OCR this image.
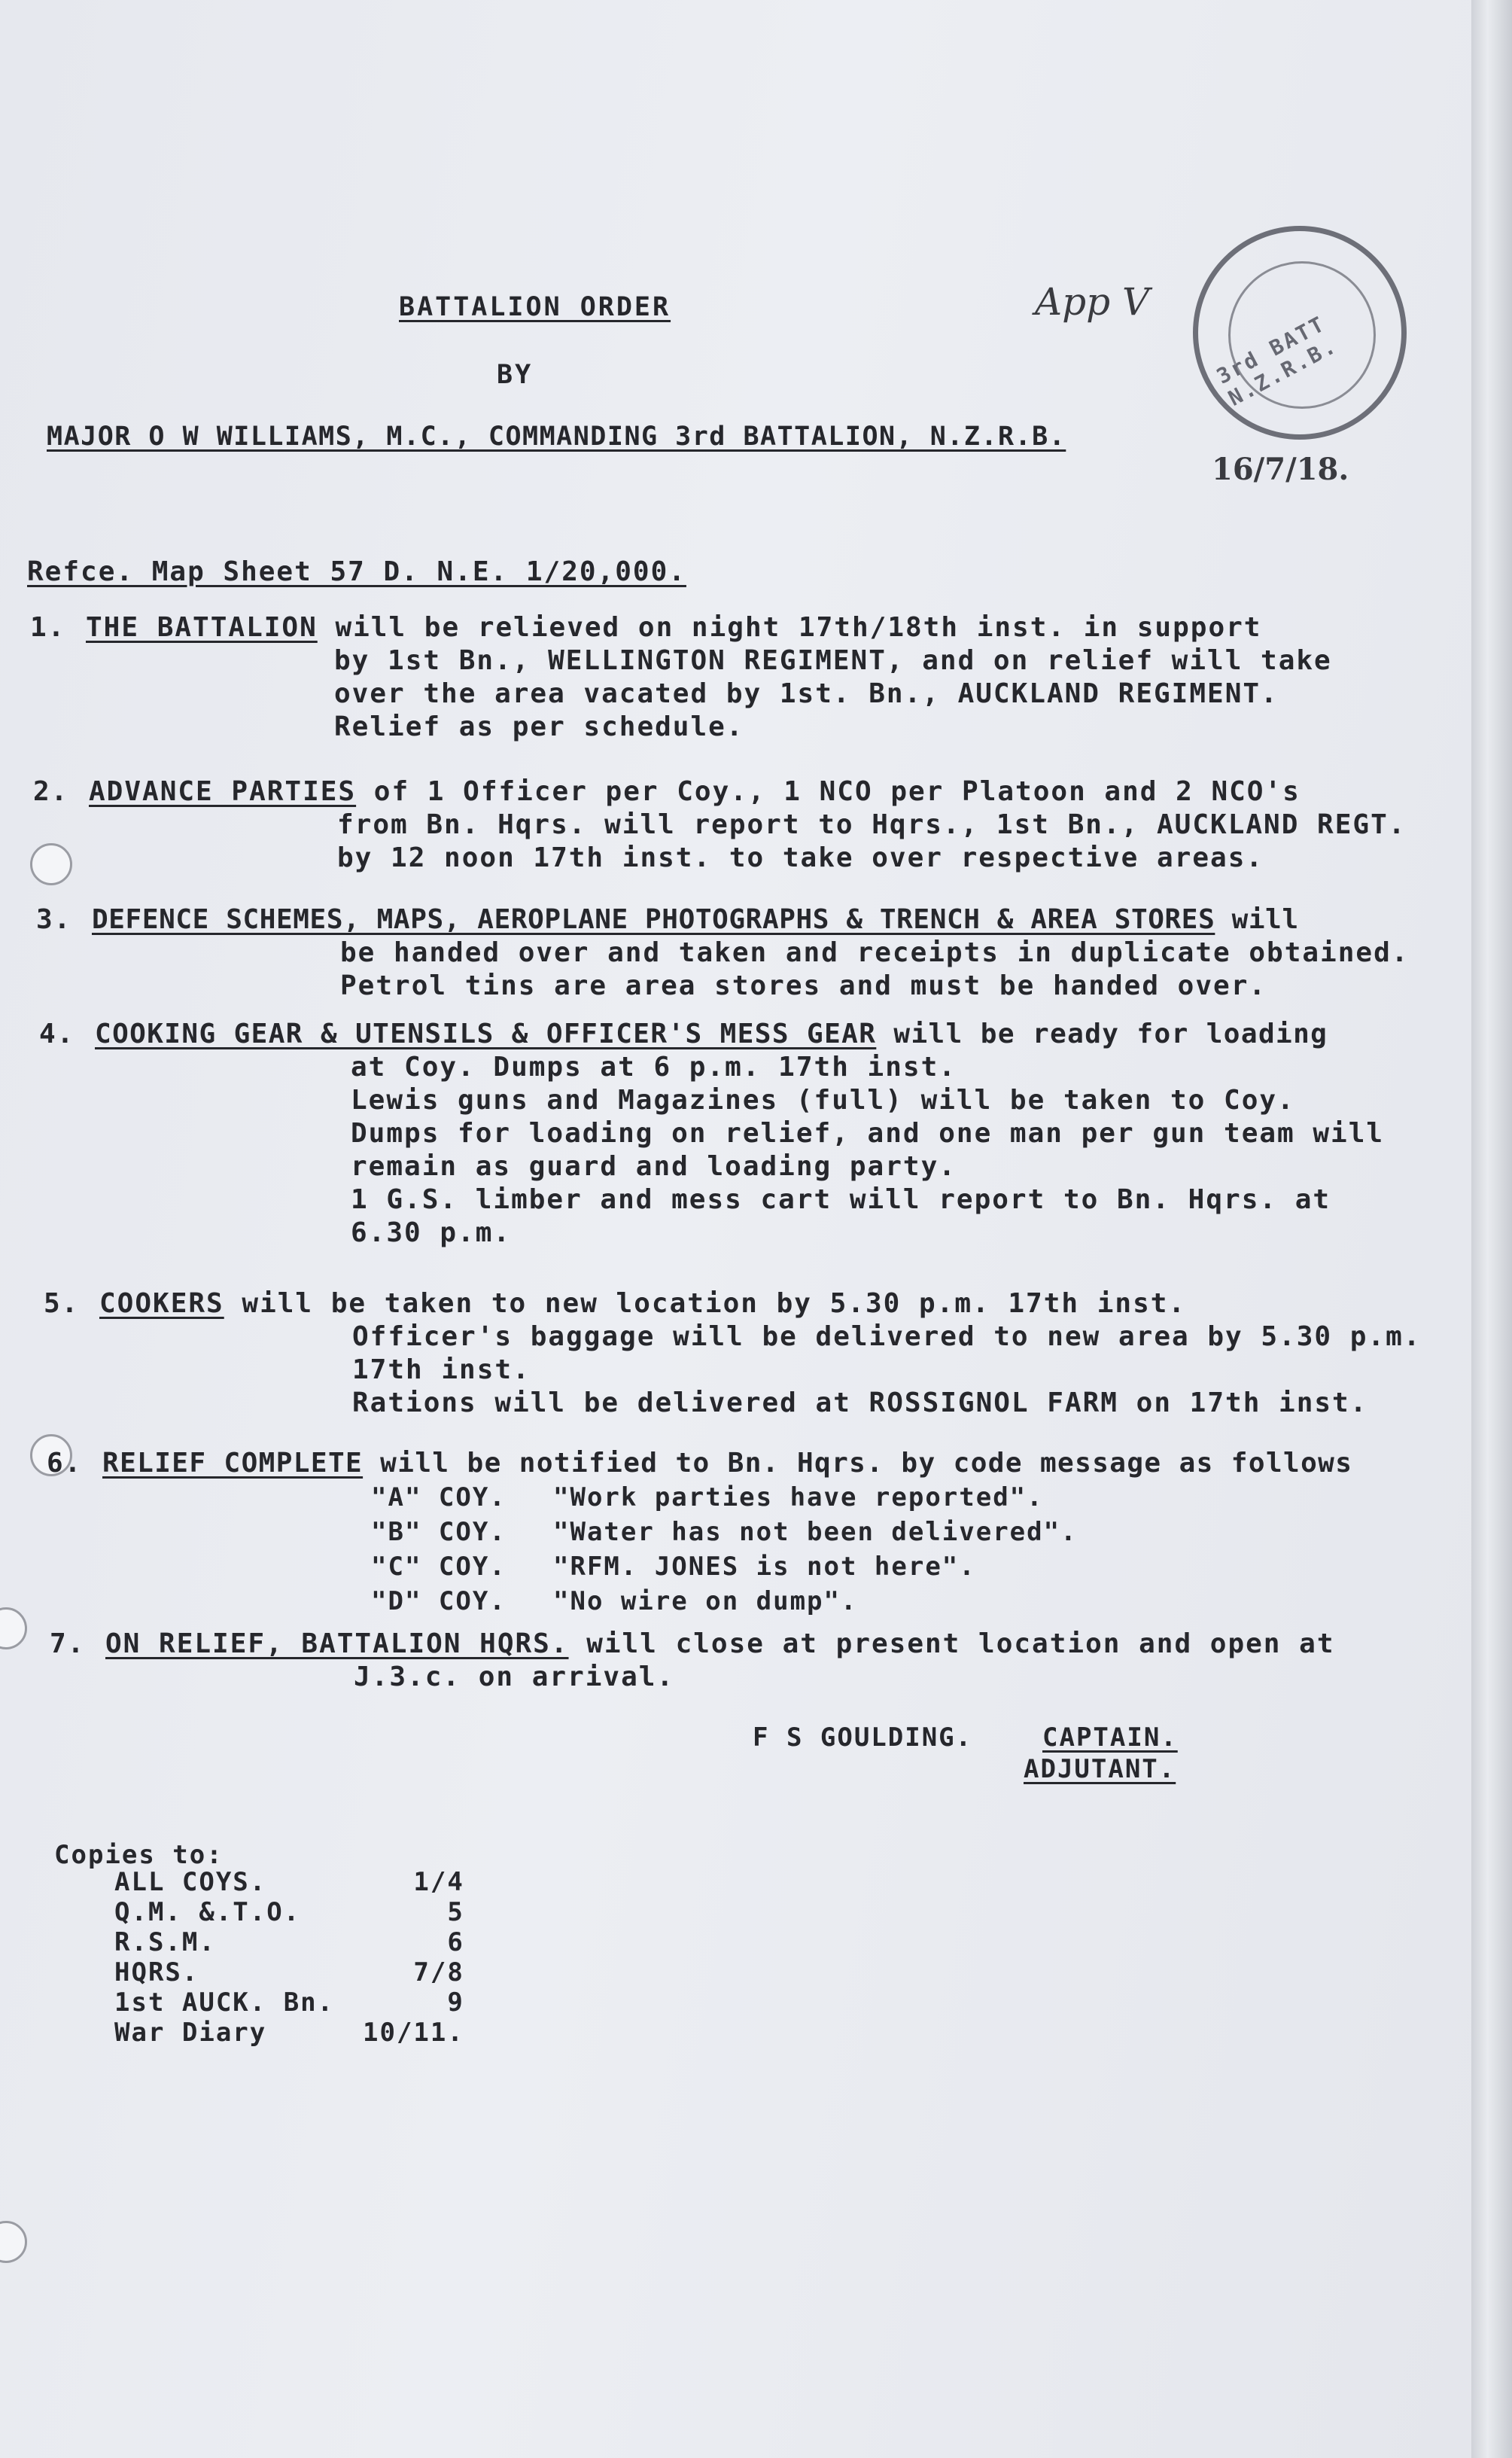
BATTALION ORDER
BY
MAJOR O W WILLIAMS, M.C., COMMANDING 3rd BATTALION, N.Z.R.B.
App V
16/7/18.
3rd BATT N.Z.R.B.
Refce. Map Sheet 57 D. N.E. 1/20,000.
1. THE BATTALION will be relieved on night 17th/18th inst. in support
by 1st Bn., WELLINGTON REGIMENT, and on relief will take
over the area vacated by 1st. Bn., AUCKLAND REGIMENT.
Relief as per schedule.
2. ADVANCE PARTIES of 1 Officer per Coy., 1 NCO per Platoon and 2 NCO's
from Bn. Hqrs. will report to Hqrs., 1st Bn., AUCKLAND REGT.
by 12 noon 17th inst. to take over respective areas.
3. DEFENCE SCHEMES, MAPS, AEROPLANE PHOTOGRAPHS & TRENCH & AREA STORES will
be handed over and taken and receipts in duplicate obtained.
Petrol tins are area stores and must be handed over.
4. COOKING GEAR & UTENSILS & OFFICER'S MESS GEAR will be ready for loading
at Coy. Dumps at 6 p.m. 17th inst.
Lewis guns and Magazines (full) will be taken to Coy.
Dumps for loading on relief, and one man per gun team will
remain as guard and loading party.
1 G.S. limber and mess cart will report to Bn. Hqrs. at
6.30 p.m.
5. COOKERS will be taken to new location by 5.30 p.m. 17th inst.
Officer's baggage will be delivered to new area by 5.30 p.m.
17th inst.
Rations will be delivered at ROSSIGNOL FARM on 17th inst.
6. RELIEF COMPLETE will be notified to Bn. Hqrs. by code message as follows
"A" COY.	"Work parties have reported".
"B" COY.	"Water has not been delivered".
"C" COY.	"RFM. JONES is not here".
"D" COY.	"No wire on dump".
7. ON RELIEF, BATTALION HQRS. will close at present location and open at
J.3.c. on arrival.
F S GOULDING.	CAPTAIN.
ADJUTANT.
Copies to:
ALL COYS.	1/4
Q.M. &.T.O.	5
R.S.M.	6
HQRS.	7/8
1st AUCK. Bn.	9
War Diary	10/11.
